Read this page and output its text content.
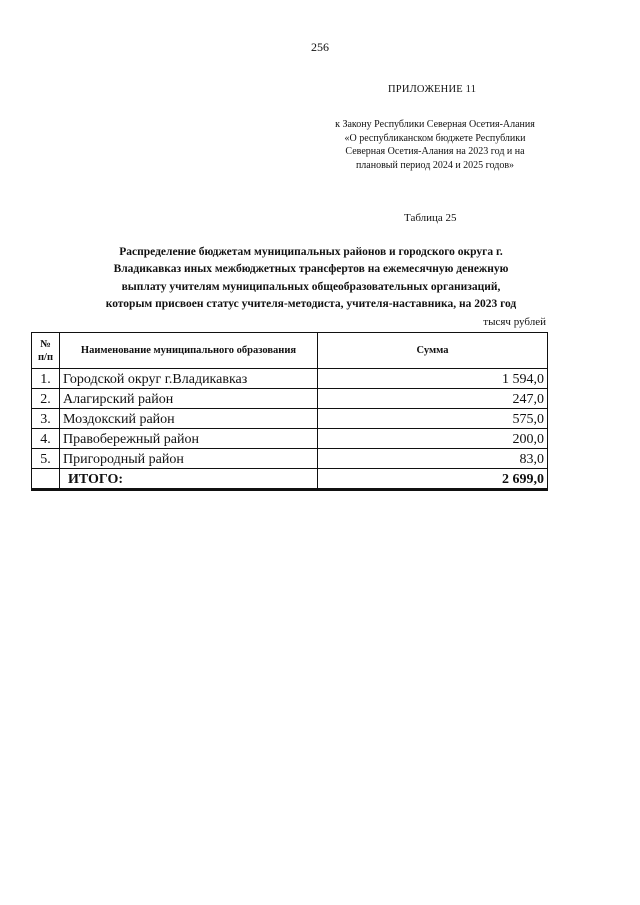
256
ПРИЛОЖЕНИЕ 11
к Закону Республики Северная Осетия-Алания
«О республиканском бюджете Республики
Северная Осетия-Алания на 2023 год и на
плановый период 2024 и 2025 годов»
Таблица 25
Распределение бюджетам муниципальных районов и городского округа г.
Владикавказ иных межбюджетных трансфертов на ежемесячную денежную
выплату учителям муниципальных общеобразовательных организаций,
которым присвоен статус учителя-методиста, учителя-наставника, на 2023 год
тысяч рублей
№ п/п	Наименование муниципального образования	Сумма
1.	Городской округ г.Владикавказ	1 594,0
2.	Алагирский район	247,0
3.	Моздокский район	575,0
4.	Правобережный район	200,0
5.	Пригородный район	83,0
	ИТОГО:	2 699,0
